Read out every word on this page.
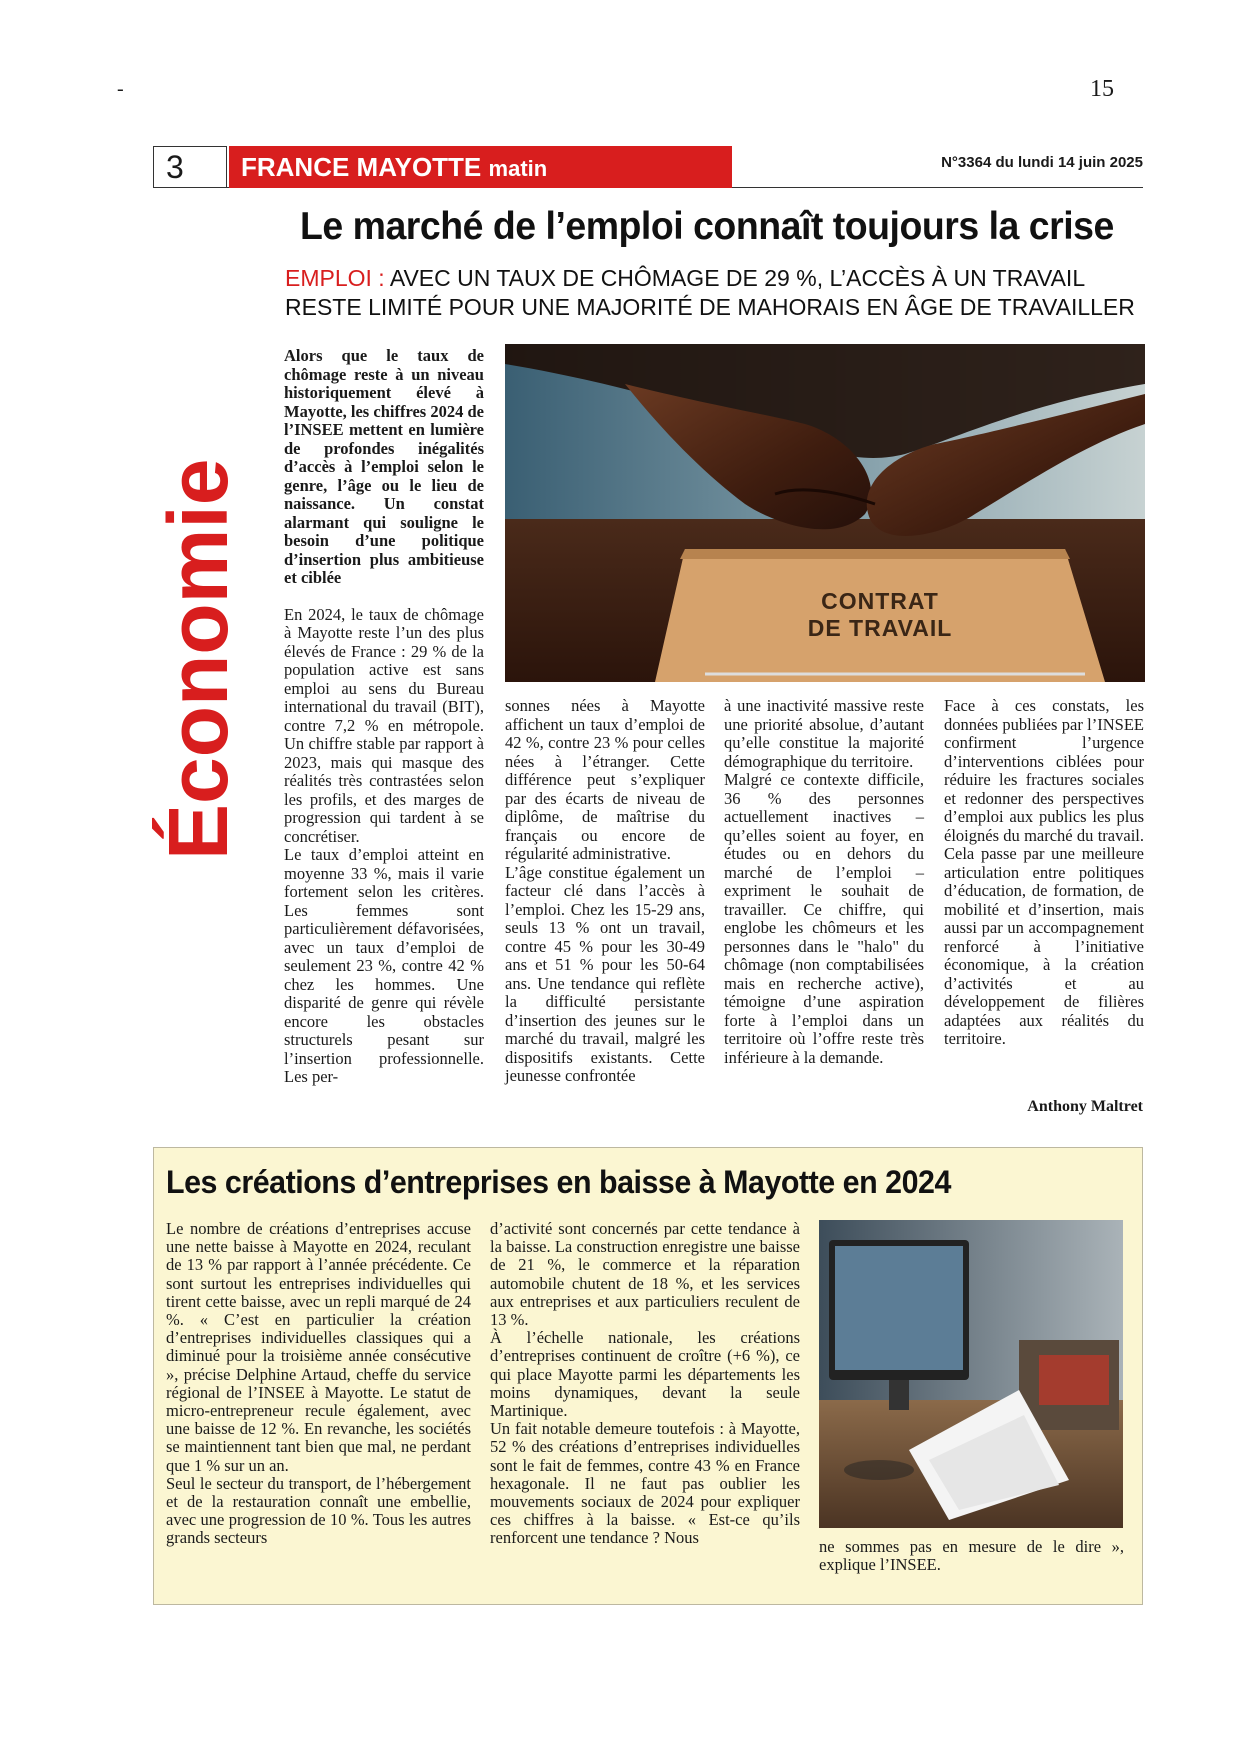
-	15
3	FRANCE MAYOTTE matin	N°3364 du lundi 14 juin 2025
Le marché de l’emploi connaît toujours la crise
EMPLOI : AVEC UN TAUX DE CHÔMAGE DE 29 %, L’ACCÈS À UN TRAVAIL
RESTE LIMITÉ POUR UNE MAJORITÉ DE MAHORAIS EN ÂGE DE TRAVAILLER
Économie

Alors que le taux de chômage reste à un niveau historiquement élevé à Mayotte, les chiffres 2024 de l’INSEE mettent en lumière de profondes inégalités d’accès à l’emploi selon le genre, l’âge ou le lieu de naissance. Un constat alarmant qui souligne le besoin d’une politique d’insertion plus ambitieuse et ciblée

En 2024, le taux de chômage à Mayotte reste l’un des plus élevés de France : 29 % de la population active est sans emploi au sens du Bureau international du travail (BIT), contre 7,2 % en métropole. Un chiffre stable par rapport à 2023, mais qui masque des réalités très contrastées selon les profils, et des marges de progression qui tardent à se concrétiser.

Le taux d’emploi atteint en moyenne 33 %, mais il varie fortement selon les critères. Les femmes sont particulièrement défavorisées, avec un taux d’emploi de seulement 23 %, contre 42 % chez les hommes. Une disparité de genre qui révèle encore les obstacles structurels pesant sur l’insertion professionnelle. Les per-

CONTRAT
DE TRAVAIL

sonnes nées à Mayotte affichent un taux d’emploi de 42 %, contre 23 % pour celles nées à l’étranger. Cette différence peut s’expliquer par des écarts de niveau de diplôme, de maîtrise du français ou encore de régularité administrative.

L’âge constitue également un facteur clé dans l’accès à l’emploi. Chez les 15-29 ans, seuls 13 % ont un travail, contre 45 % pour les 30-49 ans et 51 % pour les 50-64 ans. Une tendance qui reflète la difficulté persistante d’insertion des jeunes sur le marché du travail, malgré les dispositifs existants. Cette jeunesse confrontée

à une inactivité massive reste une priorité absolue, d’autant qu’elle constitue la majorité démographique du territoire.

Malgré ce contexte difficile, 36 % des personnes actuellement inactives – qu’elles soient au foyer, en études ou en dehors du marché de l’emploi – expriment le souhait de travailler. Ce chiffre, qui englobe les chômeurs et les personnes dans le "halo" du chômage (non comptabilisées mais en recherche active), témoigne d’une aspiration forte à l’emploi dans un territoire où l’offre reste très inférieure à la demande.

Face à ces constats, les données publiées par l’INSEE confirment l’urgence d’interventions ciblées pour réduire les fractures sociales et redonner des perspectives d’emploi aux publics les plus éloignés du marché du travail. Cela passe par une meilleure articulation entre politiques d’éducation, de formation, de mobilité et d’insertion, mais aussi par un accompagnement renforcé à l’initiative économique, à la création d’activités et au développement de filières adaptées aux réalités du territoire.

Anthony Maltret
Les créations d’entreprises en baisse à Mayotte en 2024

Le nombre de créations d’entreprises accuse une nette baisse à Mayotte en 2024, reculant de 13 % par rapport à l’année précédente. Ce sont surtout les entreprises individuelles qui tirent cette baisse, avec un repli marqué de 24 %. « C’est en particulier la création d’entreprises individuelles classiques qui a diminué pour la troisième année consécutive », précise Delphine Artaud, cheffe du service régional de l’INSEE à Mayotte. Le statut de micro-entrepreneur recule également, avec une baisse de 12 %. En revanche, les sociétés se maintiennent tant bien que mal, ne perdant que 1 % sur un an.

Seul le secteur du transport, de l’hébergement et de la restauration connaît une embellie, avec une progression de 10 %. Tous les autres grands secteurs

d’activité sont concernés par cette tendance à la baisse. La construction enregistre une baisse de 21 %, le commerce et la réparation automobile chutent de 18 %, et les services aux entreprises et aux particuliers reculent de 13 %.

À l’échelle nationale, les créations d’entreprises continuent de croître (+6 %), ce qui place Mayotte parmi les départements les moins dynamiques, devant la seule Martinique.

Un fait notable demeure toutefois : à Mayotte, 52 % des créations d’entreprises individuelles sont le fait de femmes, contre 43 % en France hexagonale. Il ne faut pas oublier les mouvements sociaux de 2024 pour expliquer ces chiffres à la baisse. « Est-ce qu’ils renforcent une tendance ? Nous	ne sommes pas en mesure de le dire », explique l’INSEE.
